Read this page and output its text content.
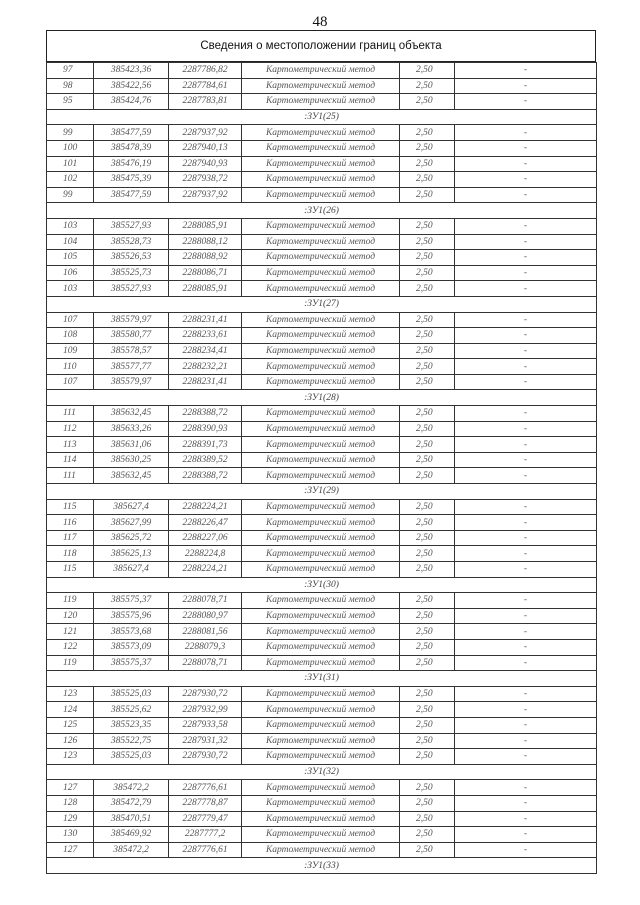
48
Сведения о местоположении границ объекта
97	385423,36	2287786,82	Картометрический метод	2,50	-
98	385422,56	2287784,61	Картометрический метод	2,50	-
95	385424,76	2287783,81	Картометрический метод	2,50	-
:ЗУ1(25)					
99	385477,59	2287937,92	Картометрический метод	2,50	-
100	385478,39	2287940,13	Картометрический метод	2,50	-
101	385476,19	2287940,93	Картометрический метод	2,50	-
102	385475,39	2287938,72	Картометрический метод	2,50	-
99	385477,59	2287937,92	Картометрический метод	2,50	-
:ЗУ1(26)					
103	385527,93	2288085,91	Картометрический метод	2,50	-
104	385528,73	2288088,12	Картометрический метод	2,50	-
105	385526,53	2288088,92	Картометрический метод	2,50	-
106	385525,73	2288086,71	Картометрический метод	2,50	-
103	385527,93	2288085,91	Картометрический метод	2,50	-
:ЗУ1(27)					
107	385579,97	2288231,41	Картометрический метод	2,50	-
108	385580,77	2288233,61	Картометрический метод	2,50	-
109	385578,57	2288234,41	Картометрический метод	2,50	-
110	385577,77	2288232,21	Картометрический метод	2,50	-
107	385579,97	2288231,41	Картометрический метод	2,50	-
:ЗУ1(28)					
111	385632,45	2288388,72	Картометрический метод	2,50	-
112	385633,26	2288390,93	Картометрический метод	2,50	-
113	385631,06	2288391,73	Картометрический метод	2,50	-
114	385630,25	2288389,52	Картометрический метод	2,50	-
111	385632,45	2288388,72	Картометрический метод	2,50	-
:ЗУ1(29)					
115	385627,4	2288224,21	Картометрический метод	2,50	-
116	385627,99	2288226,47	Картометрический метод	2,50	-
117	385625,72	2288227,06	Картометрический метод	2,50	-
118	385625,13	2288224,8	Картометрический метод	2,50	-
115	385627,4	2288224,21	Картометрический метод	2,50	-
:ЗУ1(30)					
119	385575,37	2288078,71	Картометрический метод	2,50	-
120	385575,96	2288080,97	Картометрический метод	2,50	-
121	385573,68	2288081,56	Картометрический метод	2,50	-
122	385573,09	2288079,3	Картометрический метод	2,50	-
119	385575,37	2288078,71	Картометрический метод	2,50	-
:ЗУ1(31)					
123	385525,03	2287930,72	Картометрический метод	2,50	-
124	385525,62	2287932,99	Картометрический метод	2,50	-
125	385523,35	2287933,58	Картометрический метод	2,50	-
126	385522,75	2287931,32	Картометрический метод	2,50	-
123	385525,03	2287930,72	Картометрический метод	2,50	-
:ЗУ1(32)					
127	385472,2	2287776,61	Картометрический метод	2,50	-
128	385472,79	2287778,87	Картометрический метод	2,50	-
129	385470,51	2287779,47	Картометрический метод	2,50	-
130	385469,92	2287777,2	Картометрический метод	2,50	-
127	385472,2	2287776,61	Картометрический метод	2,50	-
:ЗУ1(33)					
